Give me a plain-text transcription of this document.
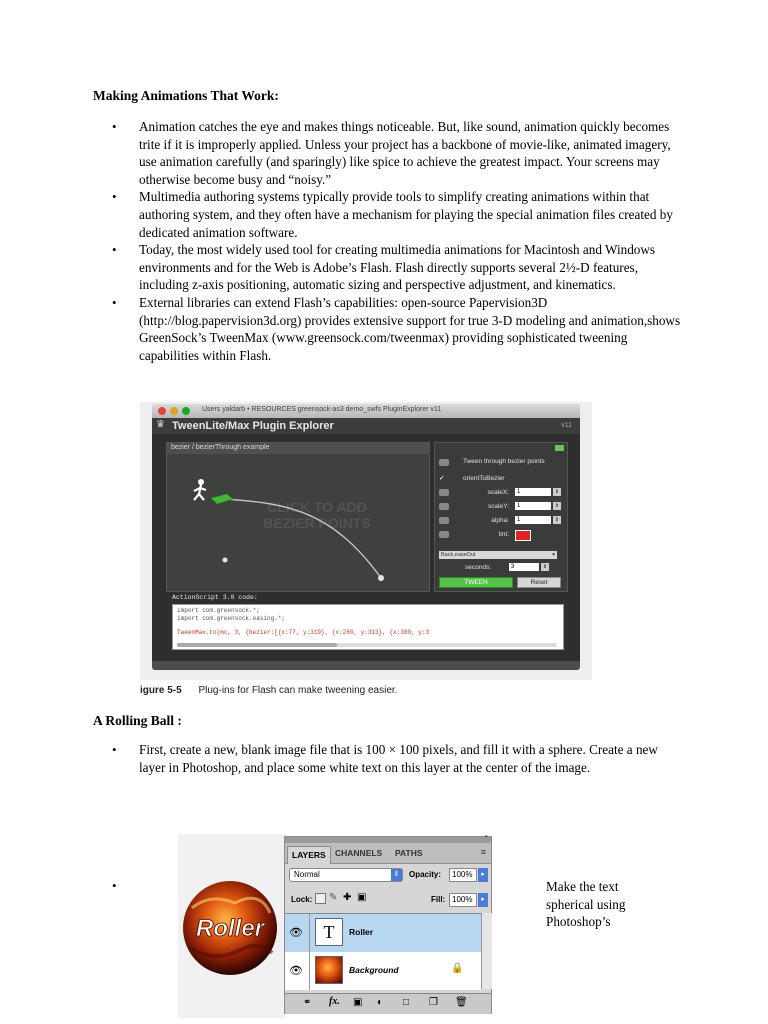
Making Animations That Work:
• Animation catches the eye and makes things noticeable. But, like sound, animation quickly becomes trite if it is improperly applied. Unless your project has a backbone of movie-like, animated imagery, use animation carefully (and sparingly) like spice to achieve the greatest impact. Your screens may otherwise become busy and “noisy.”
• Multimedia authoring systems typically provide tools to simplify creating animations within that authoring system, and they often have a mechanism for playing the special animation files created by dedicated animation software.
• Today, the most widely used tool for creating multimedia animations for Macintosh and Windows environments and for the Web is Adobe’s Flash. Flash directly supports several 2½-D features, including z-axis positioning, automatic sizing and perspective adjustment, and kinematics.
• External libraries can extend Flash’s capabilities: open-source Papervision3D (http://blog.papervision3d.org) provides extensive support for true 3-D modeling and animation,shows GreenSock’s TweenMax (www.greensock.com/tweenmax) providing sophisticated tweening capabilities within Flash.
Users yaldarb • RESOURCES greensock-as3 demo_swfs PluginExplorer v11
♛ TweenLite/Max Plugin Explorer	v11
bezier / bezierThrough example
CLICK TO ADD
BEZIER POINTS
Tween through bezier points
✓	orientToBezier
scaleX:	1	⇕
scaleY:	1	⇕
alpha:	1	⇕
tint:
Back.easeOut	▾
seconds:	3	⇕
TWEEN	Reset
ActionScript 3.0 code:
import com.greensock.*;
import com.greensock.easing.*;
TweenMax.to(mc, 3, {bezier:[{x:77, y:319}, {x:280, y:313}, {x:380, y:3
igure 5-5 Plug-ins for Flash can make tweening easier.
A Rolling Ball :
• First, create a new, blank image file that is 100 × 100 pixels, and fill it with a sphere. Create a new layer in Photoshop, and place some white text on this layer at the center of the image.
•
Roller
»
LAYERS	CHANNELS PATHS	≡
Normal	⇕	Opacity:	100%	▸
Lock: ✎ ✚ ▣	Fill: 100%	▸
👁	T	Roller
👁	Background	🔒
⚭ fx. ▣ ◐ □ ❐ 🗑
Make the text spherical using Photoshop’s
